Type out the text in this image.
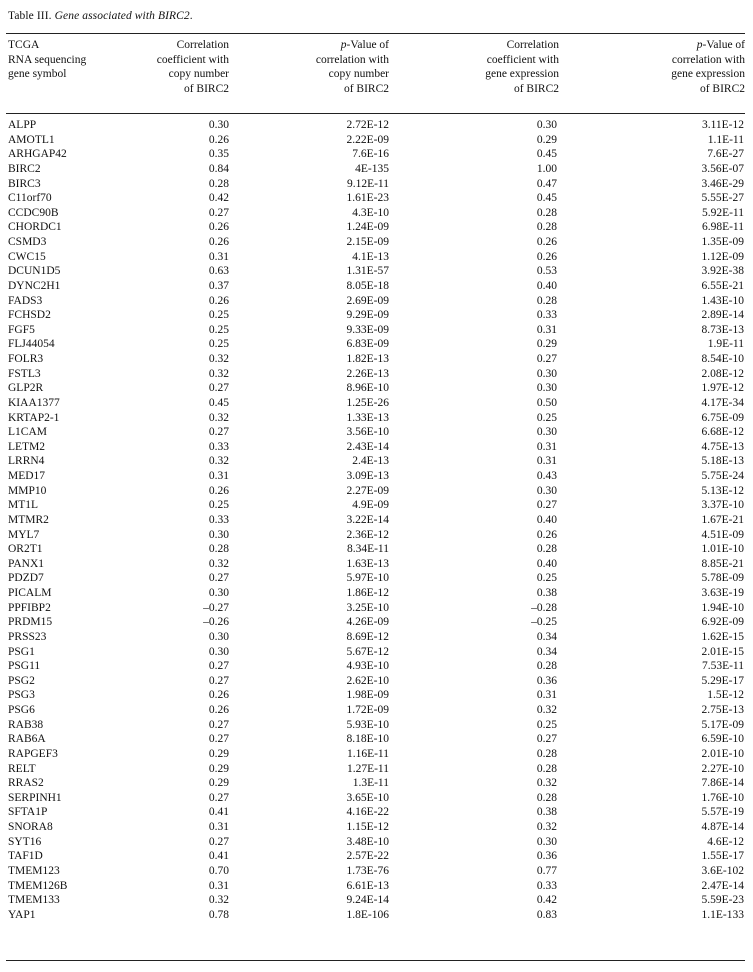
Table III. Gene associated with BIRC2.
TCGA
RNA sequencing
gene symbol	Correlation
coefficient with
copy number
of BIRC2	p-Value of
correlation with
copy number
of BIRC2	Correlation
coefficient with
gene expression
of BIRC2	p-Value of
correlation with
gene expression
of BIRC2

ALPP	0.30	2.72E-12	0.30	3.11E-12
AMOTL1	0.26	2.22E-09	0.29	1.1E-11
ARHGAP42	0.35	7.6E-16	0.45	7.6E-27
BIRC2	0.84	4E-135	1.00	3.56E-07
BIRC3	0.28	9.12E-11	0.47	3.46E-29
C11orf70	0.42	1.61E-23	0.45	5.55E-27
CCDC90B	0.27	4.3E-10	0.28	5.92E-11
CHORDC1	0.26	1.24E-09	0.28	6.98E-11
CSMD3	0.26	2.15E-09	0.26	1.35E-09
CWC15	0.31	4.1E-13	0.26	1.12E-09
DCUN1D5	0.63	1.31E-57	0.53	3.92E-38
DYNC2H1	0.37	8.05E-18	0.40	6.55E-21
FADS3	0.26	2.69E-09	0.28	1.43E-10
FCHSD2	0.25	9.29E-09	0.33	2.89E-14
FGF5	0.25	9.33E-09	0.31	8.73E-13
FLJ44054	0.25	6.83E-09	0.29	1.9E-11
FOLR3	0.32	1.82E-13	0.27	8.54E-10
FSTL3	0.32	2.26E-13	0.30	2.08E-12
GLP2R	0.27	8.96E-10	0.30	1.97E-12
KIAA1377	0.45	1.25E-26	0.50	4.17E-34
KRTAP2-1	0.32	1.33E-13	0.25	6.75E-09
L1CAM	0.27	3.56E-10	0.30	6.68E-12
LETM2	0.33	2.43E-14	0.31	4.75E-13
LRRN4	0.32	2.4E-13	0.31	5.18E-13
MED17	0.31	3.09E-13	0.43	5.75E-24
MMP10	0.26	2.27E-09	0.30	5.13E-12
MT1L	0.25	4.9E-09	0.27	3.37E-10
MTMR2	0.33	3.22E-14	0.40	1.67E-21
MYL7	0.30	2.36E-12	0.26	4.51E-09
OR2T1	0.28	8.34E-11	0.28	1.01E-10
PANX1	0.32	1.63E-13	0.40	8.85E-21
PDZD7	0.27	5.97E-10	0.25	5.78E-09
PICALM	0.30	1.86E-12	0.38	3.63E-19
PPFIBP2	–0.27	3.25E-10	–0.28	1.94E-10
PRDM15	–0.26	4.26E-09	–0.25	6.92E-09
PRSS23	0.30	8.69E-12	0.34	1.62E-15
PSG1	0.30	5.67E-12	0.34	2.01E-15
PSG11	0.27	4.93E-10	0.28	7.53E-11
PSG2	0.27	2.62E-10	0.36	5.29E-17
PSG3	0.26	1.98E-09	0.31	1.5E-12
PSG6	0.26	1.72E-09	0.32	2.75E-13
RAB38	0.27	5.93E-10	0.25	5.17E-09
RAB6A	0.27	8.18E-10	0.27	6.59E-10
RAPGEF3	0.29	1.16E-11	0.28	2.01E-10
RELT	0.29	1.27E-11	0.28	2.27E-10
RRAS2	0.29	1.3E-11	0.32	7.86E-14
SERPINH1	0.27	3.65E-10	0.28	1.76E-10
SFTA1P	0.41	4.16E-22	0.38	5.57E-19
SNORA8	0.31	1.15E-12	0.32	4.87E-14
SYT16	0.27	3.48E-10	0.30	4.6E-12
TAF1D	0.41	2.57E-22	0.36	1.55E-17
TMEM123	0.70	1.73E-76	0.77	3.6E-102
TMEM126B	0.31	6.61E-13	0.33	2.47E-14
TMEM133	0.32	9.24E-14	0.42	5.59E-23
YAP1	0.78	1.8E-106	0.83	1.1E-133
